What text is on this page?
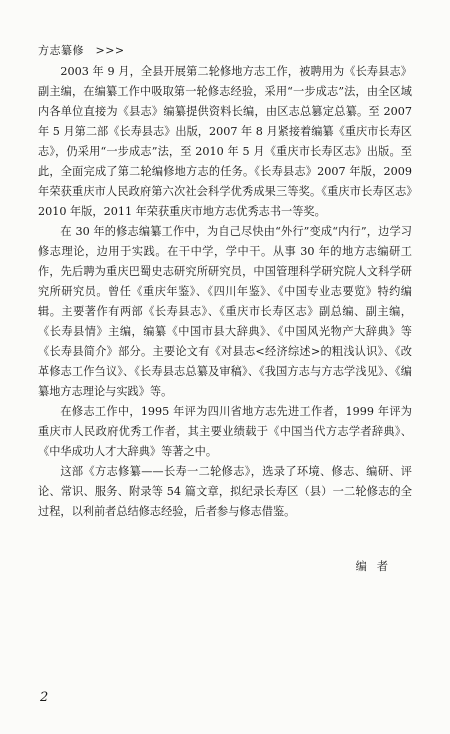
方志纂修　>>>

2003 年 9 月，全县开展第二轮修地方志工作，被聘用为《长寿县志》副主编，在编纂工作中吸取第一轮修志经验，采用“一步成志”法，由全区域内各单位直接为《县志》编纂提供资料长编，由区志总篡定总纂。至 2007 年 5 月第二部《长寿县志》出版，2007 年 8 月紧接着编纂《重庆市长寿区志》，仍采用“一步成志”法，至 2010 年 5 月《重庆市长寿区志》出版。至此，全面完成了第二轮编修地方志的任务。《长寿县志》2007 年版，2009 年荣获重庆市人民政府第六次社会科学优秀成果三等奖。《重庆市长寿区志》2010 年版，2011 年荣获重庆市地方志优秀志书一等奖。

在 30 年的修志编纂工作中，为自己尽快由“外行”变成“内行”，边学习修志理论，边用于实践。在干中学，学中干。从事 30 年的地方志编研工作，先后聘为重庆巴蜀史志研究所研究员，中国管理科学研究院人文科学研究所研究员。曾任《重庆年鉴》、《四川年鉴》、《中国专业志要览》特约编辑。主要著作有两部《长寿县志》、《重庆市长寿区志》副总编、副主编，《长寿县情》主编，编纂《中国市县大辞典》、《中国风光物产大辞典》等《长寿县简介》部分。主要论文有《对县志<经济综述>的粗浅认识》、《改革修志工作刍议》、《长寿县志总纂及审稿》、《我国方志与方志学浅见》、《编纂地方志理论与实践》等。

在修志工作中，1995 年评为四川省地方志先进工作者，1999 年评为重庆市人民政府优秀工作者，其主要业绩载于《中国当代方志学者辞典》、《中华成功人才大辞典》等著之中。

这部《方志修纂——长寿一二轮修志》，选录了环境、修志、编研、评论、常识、服务、附录等 54 篇文章，拟纪录长寿区（县）一二轮修志的全过程，以利前者总结修志经验，后者参与修志借鉴。

编者
2
